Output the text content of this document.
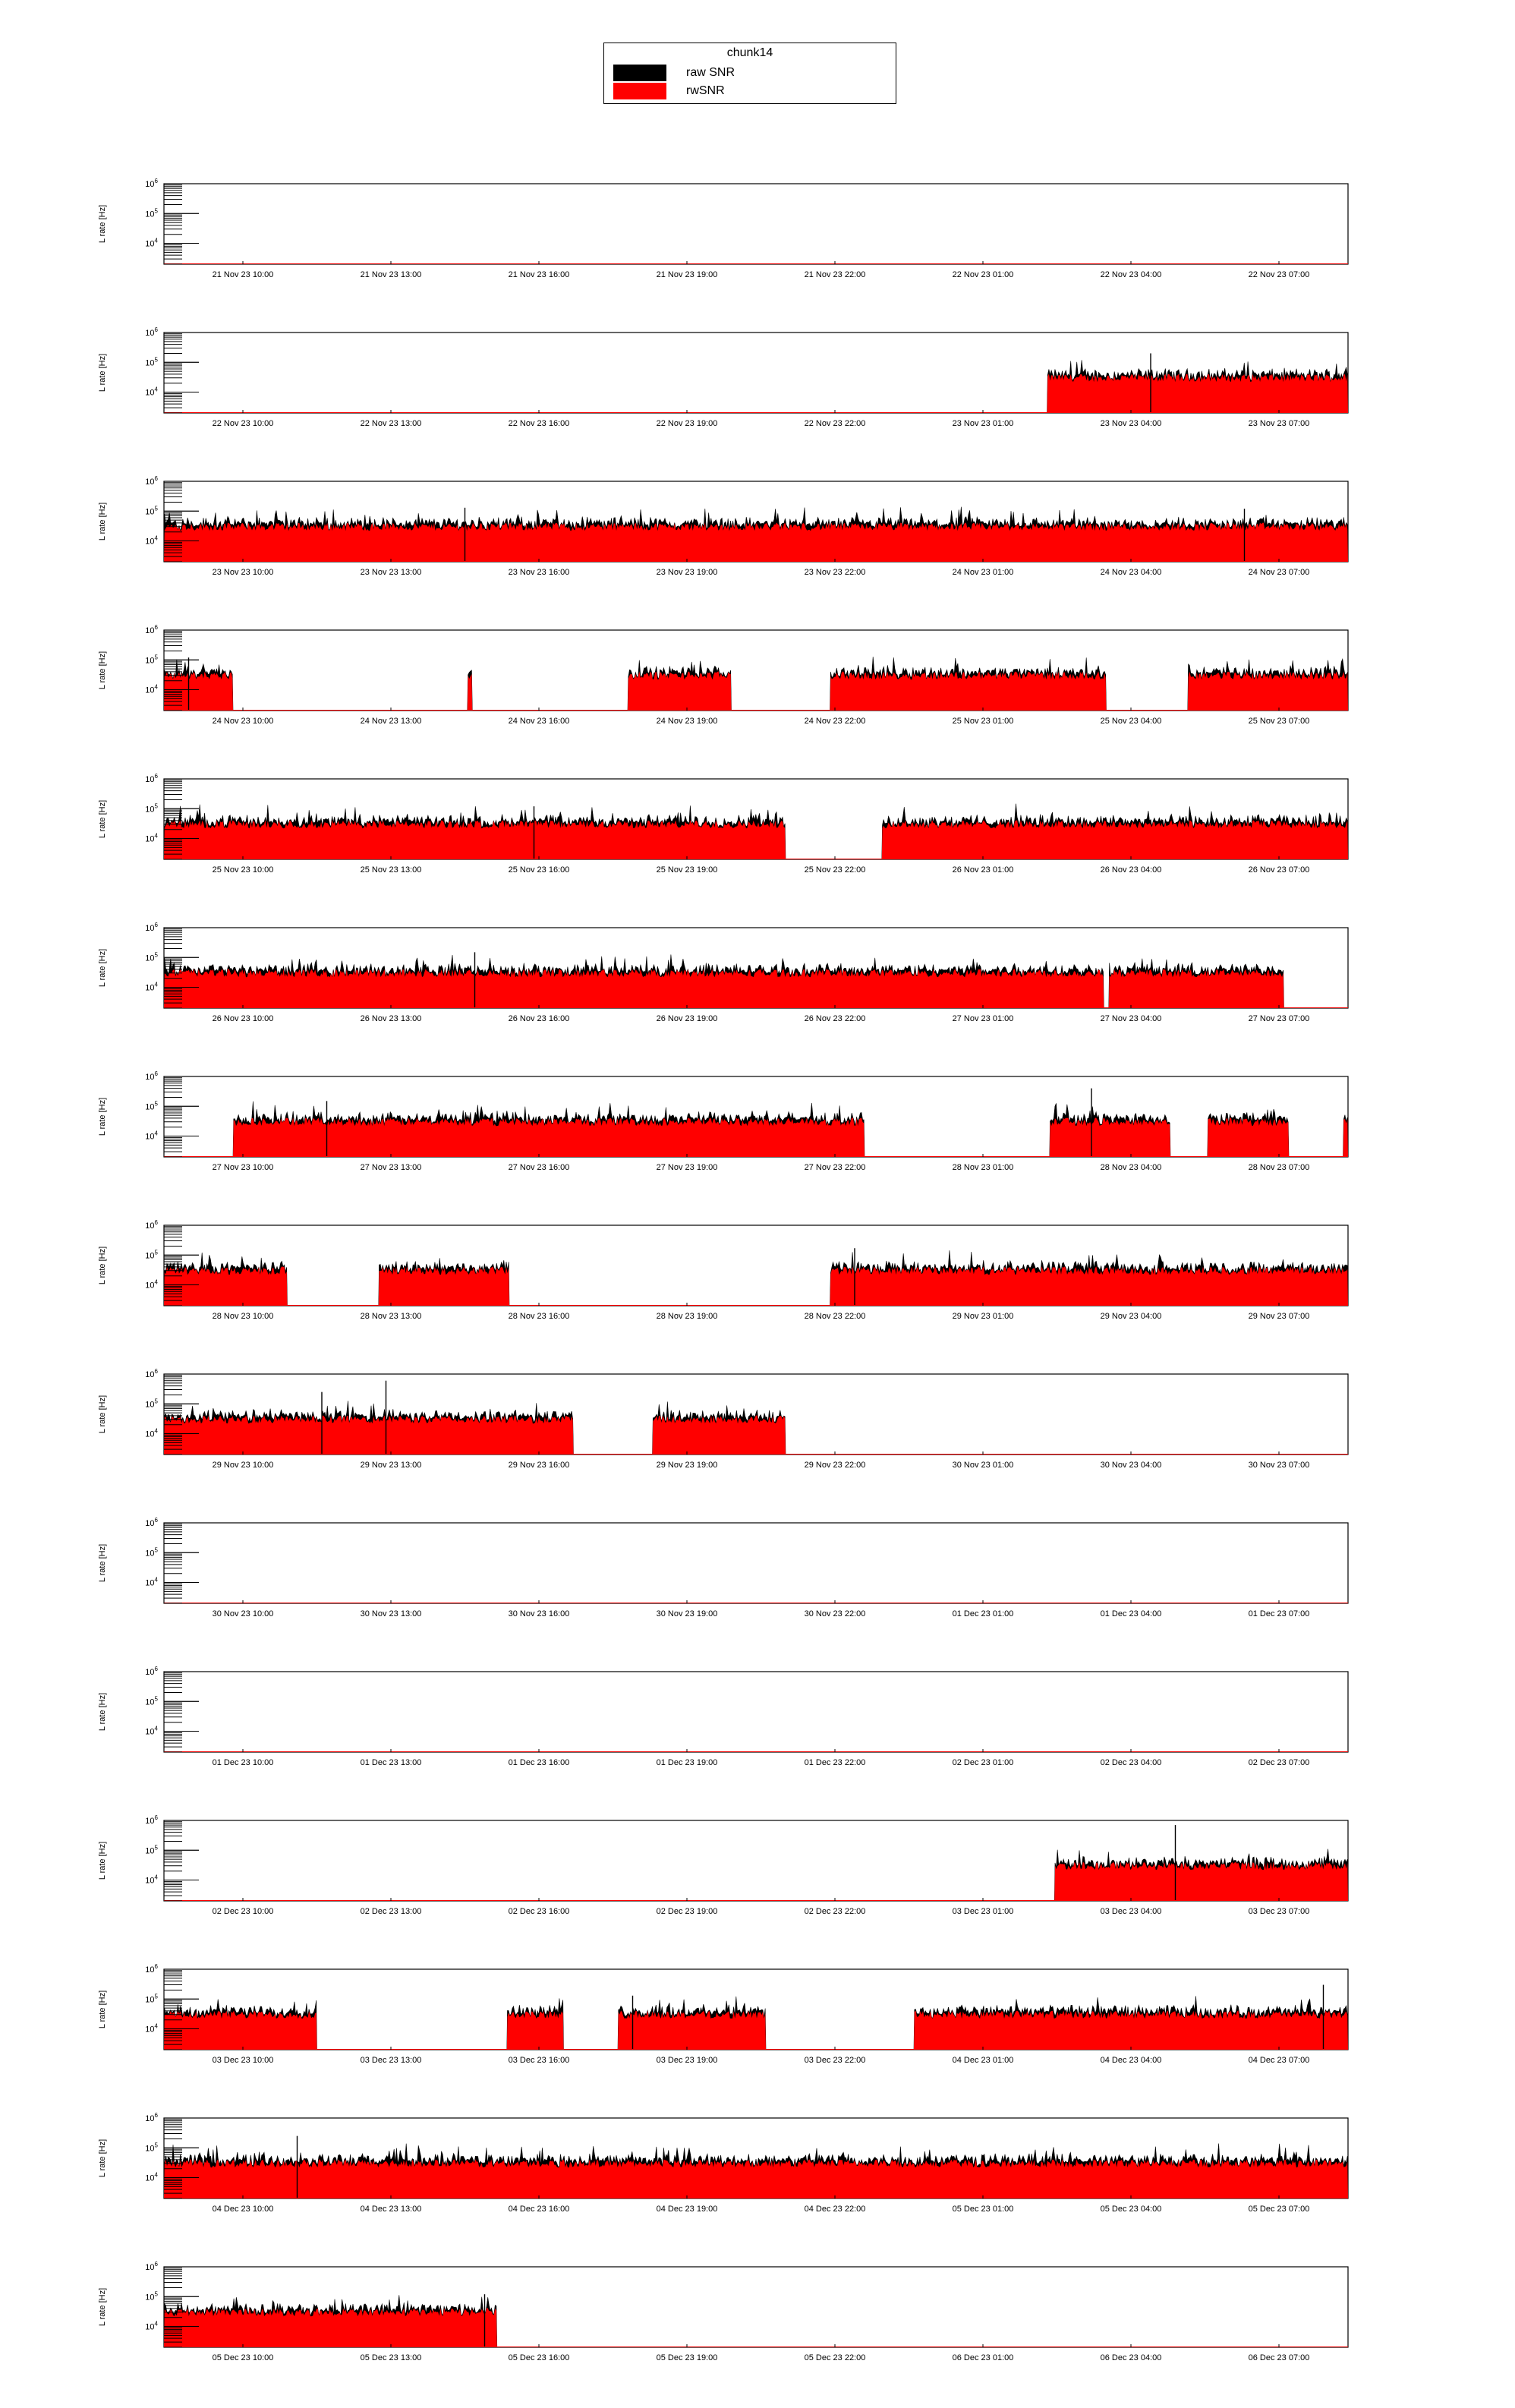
chunk14
raw SNR
rwSNR
$10^4$
$10^5$
$10^6$
L rate [Hz]
21 Nov 23 10:00	21 Nov 23 13:00	21 Nov 23 16:00	21 Nov 23 19:00	21 Nov 23 22:00	22 Nov 23 01:00	22 Nov 23 04:00	22 Nov 23 07:00
$10^4$
$10^5$
$10^6$
L rate [Hz]
22 Nov 23 10:00	22 Nov 23 13:00	22 Nov 23 16:00	22 Nov 23 19:00	22 Nov 23 22:00	23 Nov 23 01:00	23 Nov 23 04:00	23 Nov 23 07:00
$10^4$
$10^5$
$10^6$
L rate [Hz]
23 Nov 23 10:00	23 Nov 23 13:00	23 Nov 23 16:00	23 Nov 23 19:00	23 Nov 23 22:00	24 Nov 23 01:00	24 Nov 23 04:00	24 Nov 23 07:00
$10^4$
$10^5$
$10^6$
L rate [Hz]
24 Nov 23 10:00	24 Nov 23 13:00	24 Nov 23 16:00	24 Nov 23 19:00	24 Nov 23 22:00	25 Nov 23 01:00	25 Nov 23 04:00	25 Nov 23 07:00
$10^4$
$10^5$
$10^6$
L rate [Hz]
25 Nov 23 10:00	25 Nov 23 13:00	25 Nov 23 16:00	25 Nov 23 19:00	25 Nov 23 22:00	26 Nov 23 01:00	26 Nov 23 04:00	26 Nov 23 07:00
$10^4$
$10^5$
$10^6$
L rate [Hz]
26 Nov 23 10:00	26 Nov 23 13:00	26 Nov 23 16:00	26 Nov 23 19:00	26 Nov 23 22:00	27 Nov 23 01:00	27 Nov 23 04:00	27 Nov 23 07:00
$10^4$
$10^5$
$10^6$
L rate [Hz]
27 Nov 23 10:00	27 Nov 23 13:00	27 Nov 23 16:00	27 Nov 23 19:00	27 Nov 23 22:00	28 Nov 23 01:00	28 Nov 23 04:00	28 Nov 23 07:00
$10^4$
$10^5$
$10^6$
L rate [Hz]
28 Nov 23 10:00	28 Nov 23 13:00	28 Nov 23 16:00	28 Nov 23 19:00	28 Nov 23 22:00	29 Nov 23 01:00	29 Nov 23 04:00	29 Nov 23 07:00
$10^4$
$10^5$
$10^6$
L rate [Hz]
29 Nov 23 10:00	29 Nov 23 13:00	29 Nov 23 16:00	29 Nov 23 19:00	29 Nov 23 22:00	30 Nov 23 01:00	30 Nov 23 04:00	30 Nov 23 07:00
$10^4$
$10^5$
$10^6$
L rate [Hz]
30 Nov 23 10:00	30 Nov 23 13:00	30 Nov 23 16:00	30 Nov 23 19:00	30 Nov 23 22:00	01 Dec 23 01:00	01 Dec 23 04:00	01 Dec 23 07:00
$10^4$
$10^5$
$10^6$
L rate [Hz]
01 Dec 23 10:00	01 Dec 23 13:00	01 Dec 23 16:00	01 Dec 23 19:00	01 Dec 23 22:00	02 Dec 23 01:00	02 Dec 23 04:00	02 Dec 23 07:00
$10^4$
$10^5$
$10^6$
L rate [Hz]
02 Dec 23 10:00	02 Dec 23 13:00	02 Dec 23 16:00	02 Dec 23 19:00	02 Dec 23 22:00	03 Dec 23 01:00	03 Dec 23 04:00	03 Dec 23 07:00
$10^4$
$10^5$
$10^6$
L rate [Hz]
03 Dec 23 10:00	03 Dec 23 13:00	03 Dec 23 16:00	03 Dec 23 19:00	03 Dec 23 22:00	04 Dec 23 01:00	04 Dec 23 04:00	04 Dec 23 07:00
$10^4$
$10^5$
$10^6$
L rate [Hz]
04 Dec 23 10:00	04 Dec 23 13:00	04 Dec 23 16:00	04 Dec 23 19:00	04 Dec 23 22:00	05 Dec 23 01:00	05 Dec 23 04:00	05 Dec 23 07:00
$10^4$
$10^5$
$10^6$
L rate [Hz]
05 Dec 23 10:00	05 Dec 23 13:00	05 Dec 23 16:00	05 Dec 23 19:00	05 Dec 23 22:00	06 Dec 23 01:00	06 Dec 23 04:00	06 Dec 23 07:00
